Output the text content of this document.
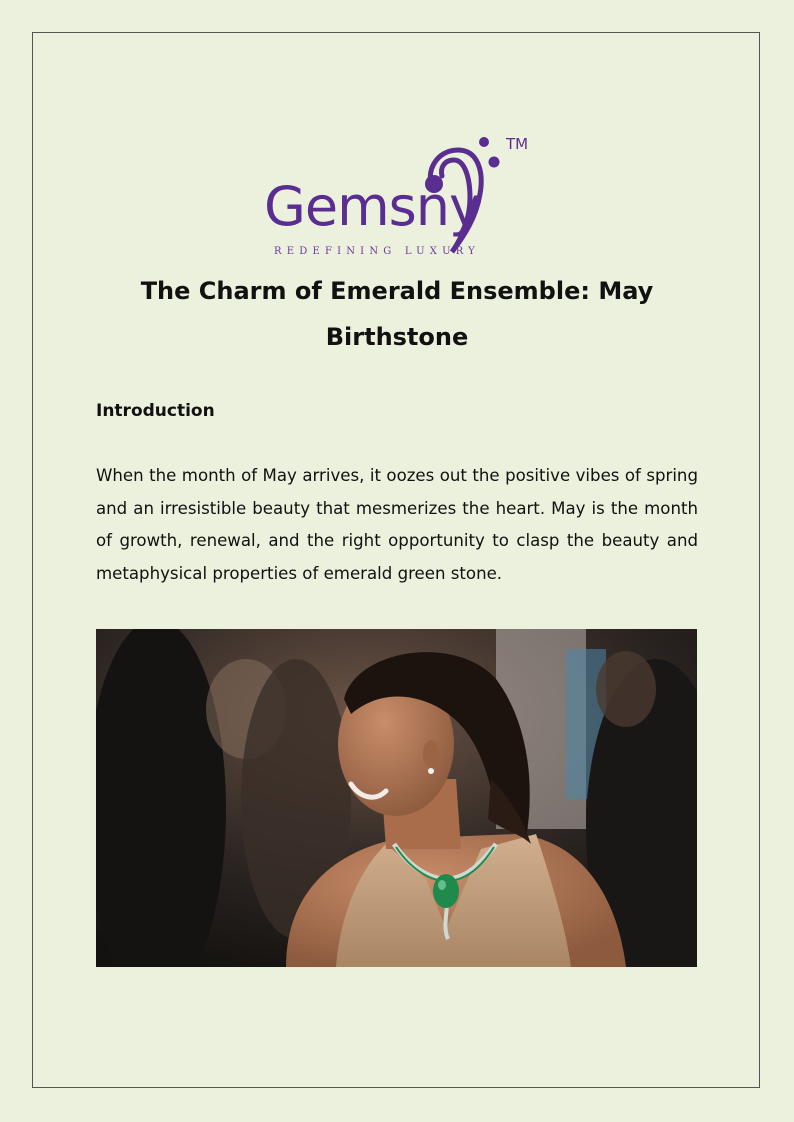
Gemsny
TM
REDEFINING LUXURY
The Charm of Emerald Ensemble: May Birthstone
Introduction

When the month of May arrives, it oozes out the positive vibes of spring and an irresistible beauty that mesmerizes the heart. May is the month of growth, renewal, and the right opportunity to clasp the beauty and metaphysical properties of emerald green stone.
